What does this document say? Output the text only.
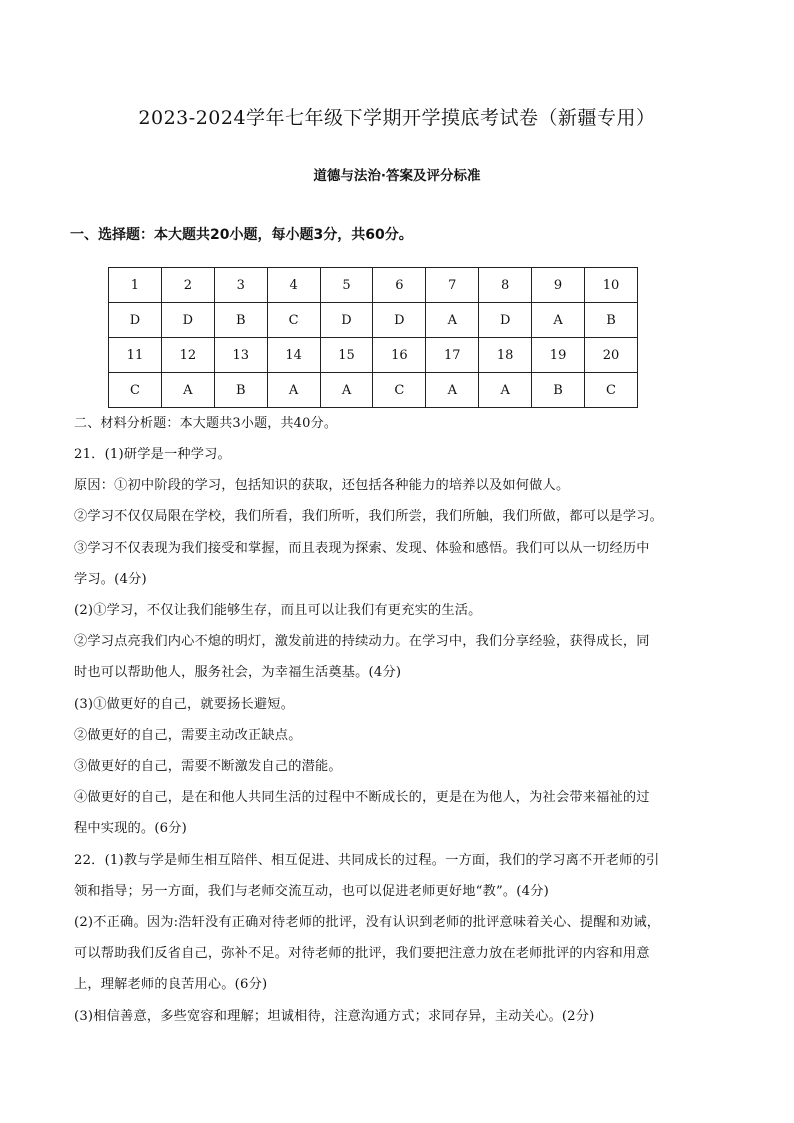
2023-2024学年七年级下学期开学摸底考试卷（新疆专用）
道德与法治·答案及评分标准
一、选择题：本大题共20小题，每小题3分，共60分。
1	2	3	4	5	6	7	8	9	10
D	D	B	C	D	D	A	D	A	B
11	12	13	14	15	16	17	18	19	20
C	A	B	A	A	C	A	A	B	C
二、材料分析题：本大题共3小题，共40分。
21．(1)研学是一种学习。
原因：①初中阶段的学习，包括知识的获取，还包括各种能力的培养以及如何做人。
②学习不仅仅局限在学校，我们所看，我们所听，我们所尝，我们所触，我们所做，都可以是学习。
③学习不仅表现为我们接受和掌握，而且表现为探索、发现、体验和感悟。我们可以从一切经历中
学习。(4分)
(2)①学习，不仅让我们能够生存，而且可以让我们有更充实的生活。
②学习点亮我们内心不熄的明灯，激发前进的持续动力。在学习中，我们分享经验，获得成长，同
时也可以帮助他人，服务社会，为幸福生活奠基。(4分)
(3)①做更好的自己，就要扬长避短。
②做更好的自己，需要主动改正缺点。
③做更好的自己，需要不断激发自己的潜能。
④做更好的自己，是在和他人共同生活的过程中不断成长的，更是在为他人，为社会带来福祉的过
程中实现的。(6分)
22．(1)教与学是师生相互陪伴、相互促进、共同成长的过程。一方面，我们的学习离不开老师的引
领和指导；另一方面，我们与老师交流互动，也可以促进老师更好地“教”。(4分)
(2)不正确。因为:浩轩没有正确对待老师的批评，没有认识到老师的批评意味着关心、提醒和劝诫，
可以帮助我们反省自己，弥补不足。对待老师的批评，我们要把注意力放在老师批评的内容和用意
上，理解老师的良苦用心。(6分)
(3)相信善意，多些宽容和理解；坦诚相待，注意沟通方式；求同存异，主动关心。(2分)
